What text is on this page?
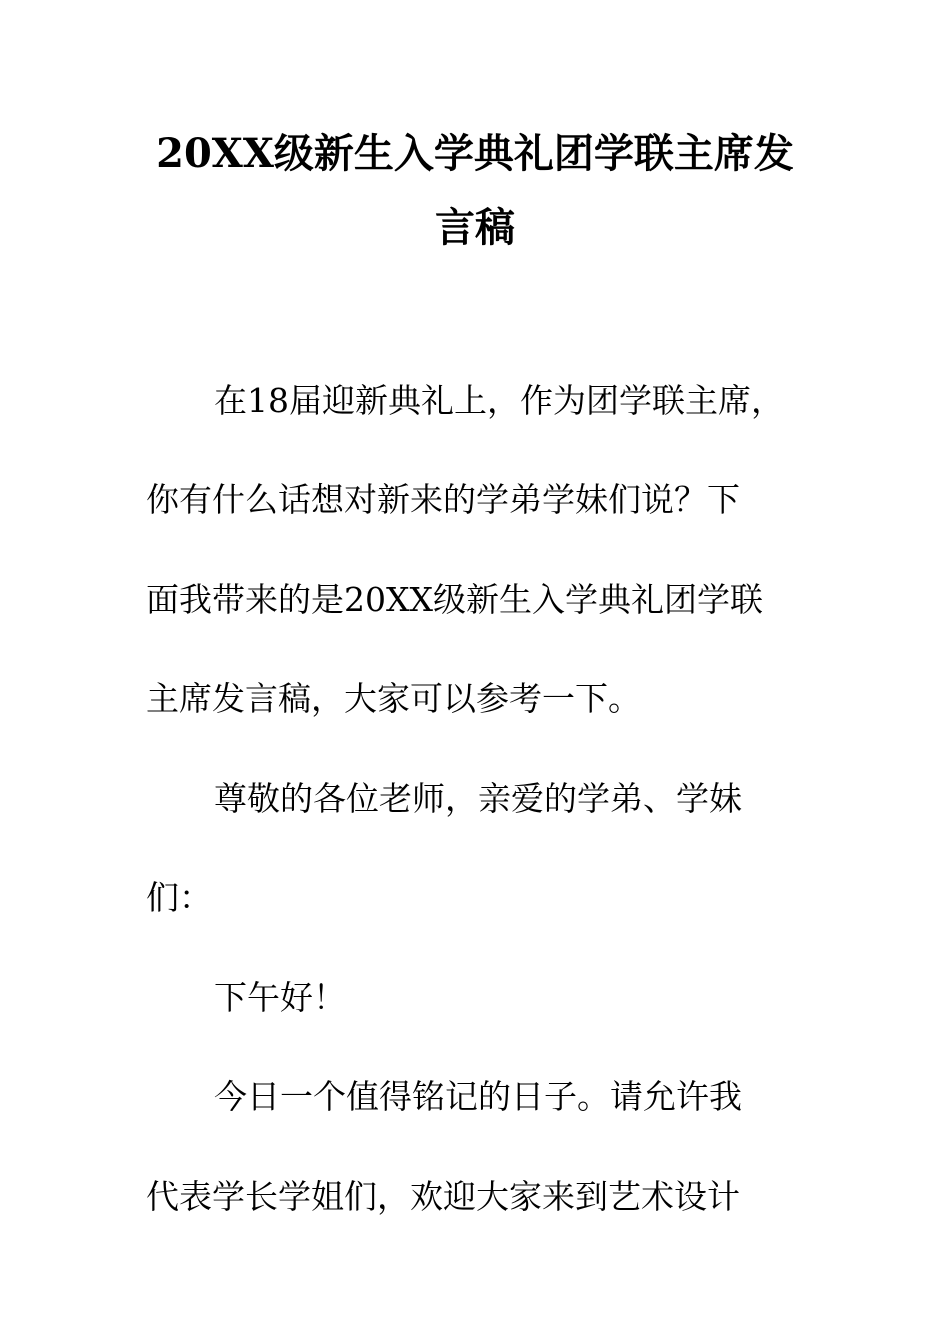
20XX级新生入学典礼团学联主席发
言稿
在18届迎新典礼上，作为团学联主席，
你有什么话想对新来的学弟学妹们说？下
面我带来的是20XX级新生入学典礼团学联
主席发言稿，大家可以参考一下。
尊敬的各位老师，亲爱的学弟、学妹
们：
下午好！
今日一个值得铭记的日子。请允许我
代表学长学姐们，欢迎大家来到艺术设计
